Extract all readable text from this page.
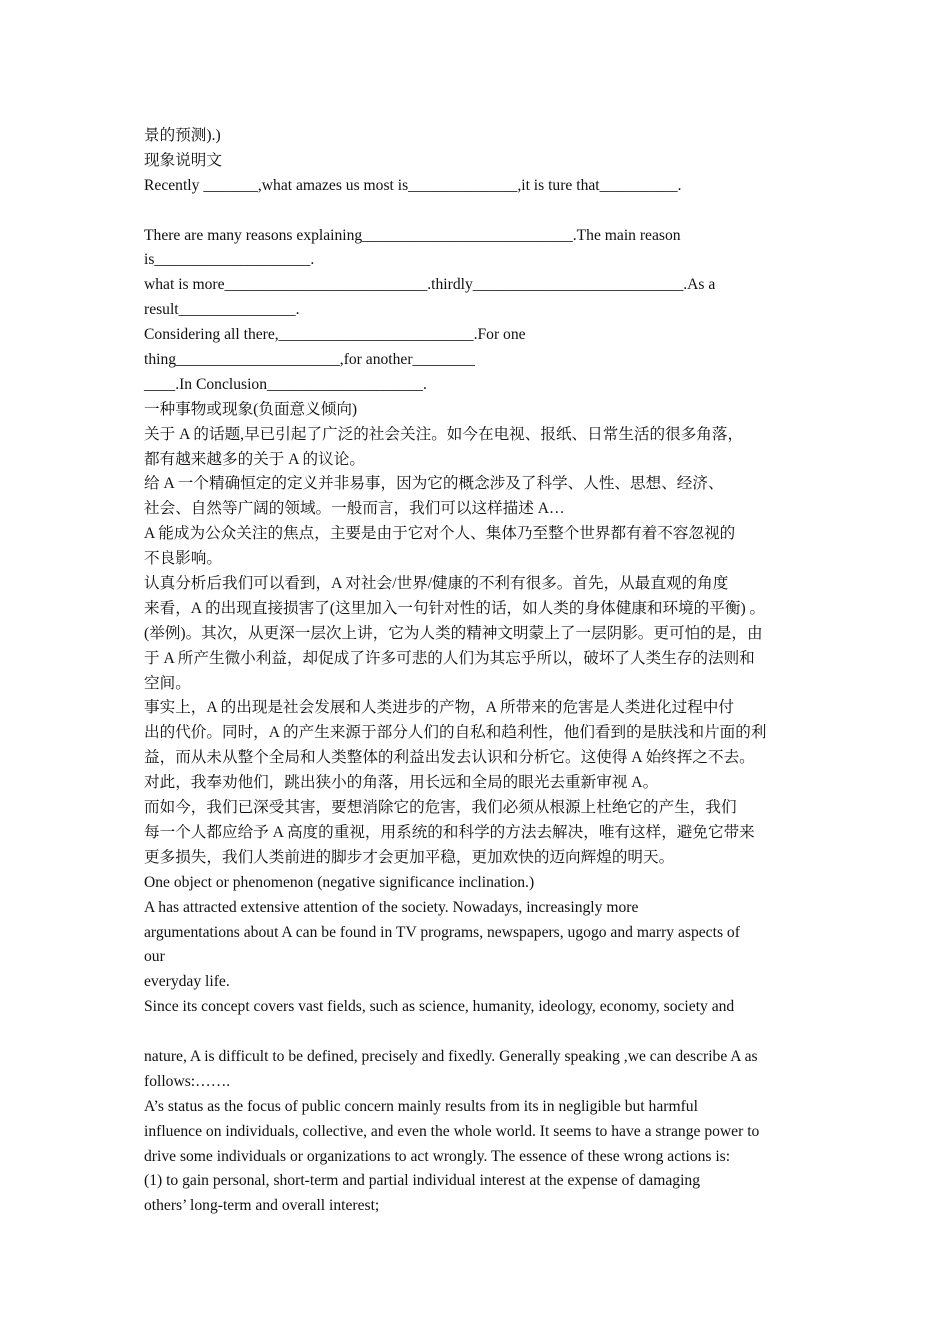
景的预测).)
现象说明文
Recently _______,what amazes us most is______________,it is ture that__________.
There are many reasons explaining___________________________.The main reason
is____________________.
what is more__________________________.thirdly___________________________.As a
result_______________.
Considering all there,_________________________.For one
thing_____________________,for another________
____.In Conclusion____________________.
一种事物或现象(负面意义倾向)
关于 A 的话题,早已引起了广泛的社会关注。如今在电视、报纸、日常生活的很多角落，
都有越来越多的关于 A 的议论。
给 A 一个精确恒定的定义并非易事，因为它的概念涉及了科学、人性、思想、经济、
社会、自然等广阔的领域。一般而言，我们可以这样描述 A…
A 能成为公众关注的焦点，主要是由于它对个人、集体乃至整个世界都有着不容忽视的
不良影响。
认真分析后我们可以看到，A 对社会/世界/健康的不利有很多。首先，从最直观的角度
来看，A 的出现直接损害了(这里加入一句针对性的话，如人类的身体健康和环境的平衡) 。
(举例)。其次，从更深一层次上讲，它为人类的精神文明蒙上了一层阴影。更可怕的是，由
于 A 所产生微小利益，却促成了许多可悲的人们为其忘乎所以，破坏了人类生存的法则和
空间。
事实上，A 的出现是社会发展和人类进步的产物，A 所带来的危害是人类进化过程中付
出的代价。同时，A 的产生来源于部分人们的自私和趋利性，他们看到的是肤浅和片面的利
益，而从未从整个全局和人类整体的利益出发去认识和分析它。这使得 A 始终挥之不去。
对此，我奉劝他们，跳出狭小的角落，用长远和全局的眼光去重新审视 A。
而如今，我们已深受其害，要想消除它的危害，我们必须从根源上杜绝它的产生，我们
每一个人都应给予 A 高度的重视，用系统的和科学的方法去解决，唯有这样，避免它带来
更多损失，我们人类前进的脚步才会更加平稳，更加欢快的迈向辉煌的明天。
One object or phenomenon (negative significance inclination.)
A has attracted extensive attention of the society. Nowadays, increasingly more
argumentations about A can be found in TV programs, newspapers, ugogo and marry aspects of
our
everyday life.
Since its concept covers vast fields, such as science, humanity, ideology, economy, society and
nature, A is difficult to be defined, precisely and fixedly. Generally speaking ,we can describe A as
follows:…….
A’s status as the focus of public concern mainly results from its in negligible but harmful
influence on individuals, collective, and even the whole world. It seems to have a strange power to
drive some individuals or organizations to act wrongly. The essence of these wrong actions is:
(1) to gain personal, short-term and partial individual interest at the expense of damaging
others’ long-term and overall interest;
